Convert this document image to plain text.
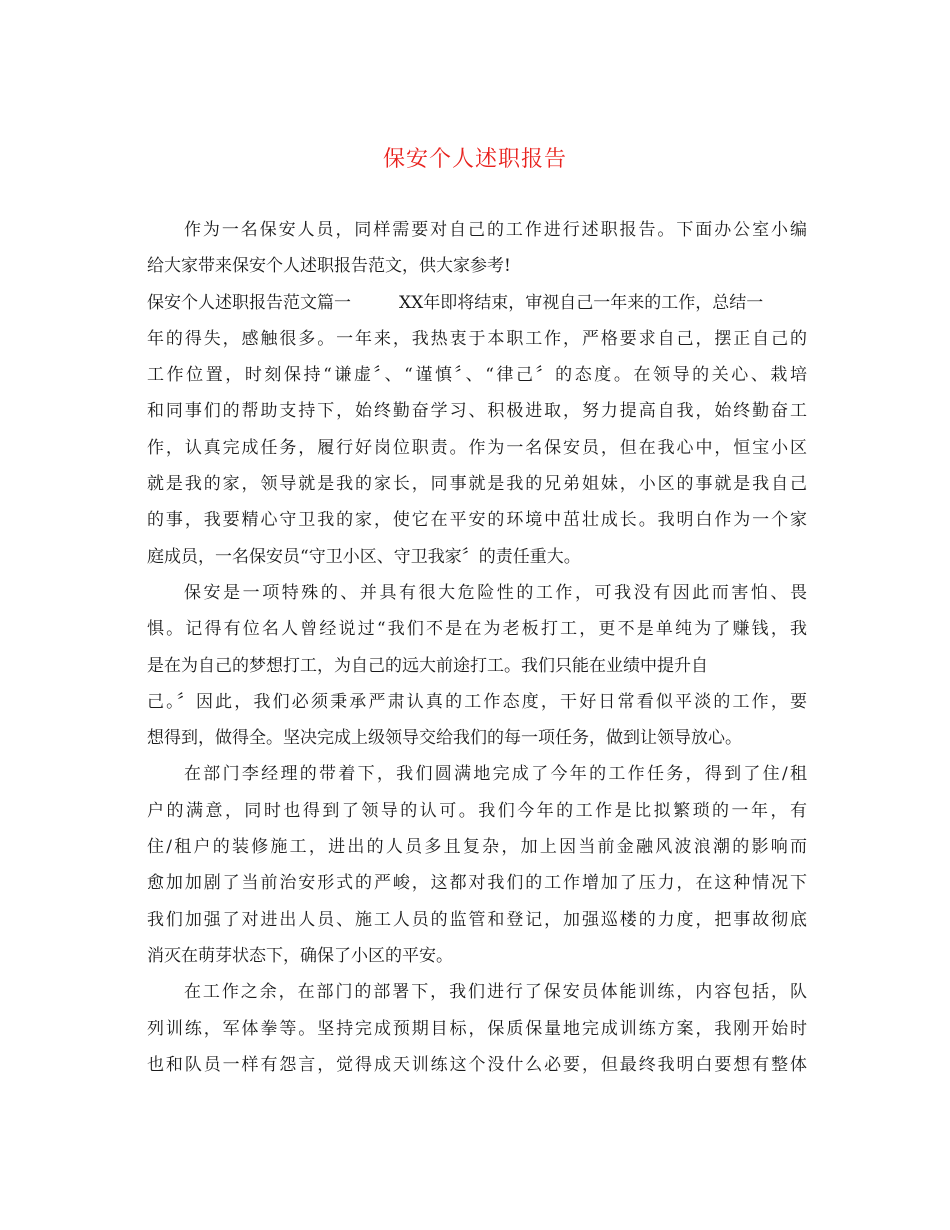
保安个人述职报告
作为一名保安人员，同样需要对自己的工作进行述职报告。下面办公室小编
给大家带来保安个人述职报告范文，供大家参考!
保安个人述职报告范文篇一	XX年即将结束，审视自己一年来的工作，总结一
年的得失，感触很多。一年来，我热衷于本职工作，严格要求自己，摆正自己的
工作位置，时刻保持“谦虚〞、“谨慎〞、“律己〞的态度。在领导的关心、栽培
和同事们的帮助支持下，始终勤奋学习、积极进取，努力提高自我，始终勤奋工
作，认真完成任务，履行好岗位职责。作为一名保安员，但在我心中，恒宝小区
就是我的家，领导就是我的家长，同事就是我的兄弟姐妹，小区的事就是我自己
的事，我要精心守卫我的家，使它在平安的环境中茁壮成长。我明白作为一个家
庭成员，一名保安员“守卫小区、守卫我家〞的责任重大。
保安是一项特殊的、并具有很大危险性的工作，可我没有因此而害怕、畏
惧。记得有位名人曾经说过“我们不是在为老板打工，更不是单纯为了赚钱，我
是在为自己的梦想打工，为自己的远大前途打工。我们只能在业绩中提升自
己。〞因此，我们必须秉承严肃认真的工作态度，干好日常看似平淡的工作，要
想得到，做得全。坚决完成上级领导交给我们的每一项任务，做到让领导放心。
在部门李经理的带着下，我们圆满地完成了今年的工作任务，得到了住/租
户的满意，同时也得到了领导的认可。我们今年的工作是比拟繁琐的一年，有
住/租户的装修施工，进出的人员多且复杂，加上因当前金融风波浪潮的影响而
愈加加剧了当前治安形式的严峻，这都对我们的工作增加了压力，在这种情况下
我们加强了对进出人员、施工人员的监管和登记，加强巡楼的力度，把事故彻底
消灭在萌芽状态下，确保了小区的平安。
在工作之余，在部门的部署下，我们进行了保安员体能训练，内容包括，队
列训练，军体拳等。坚持完成预期目标，保质保量地完成训练方案，我刚开始时
也和队员一样有怨言，觉得成天训练这个没什么必要，但最终我明白要想有整体
